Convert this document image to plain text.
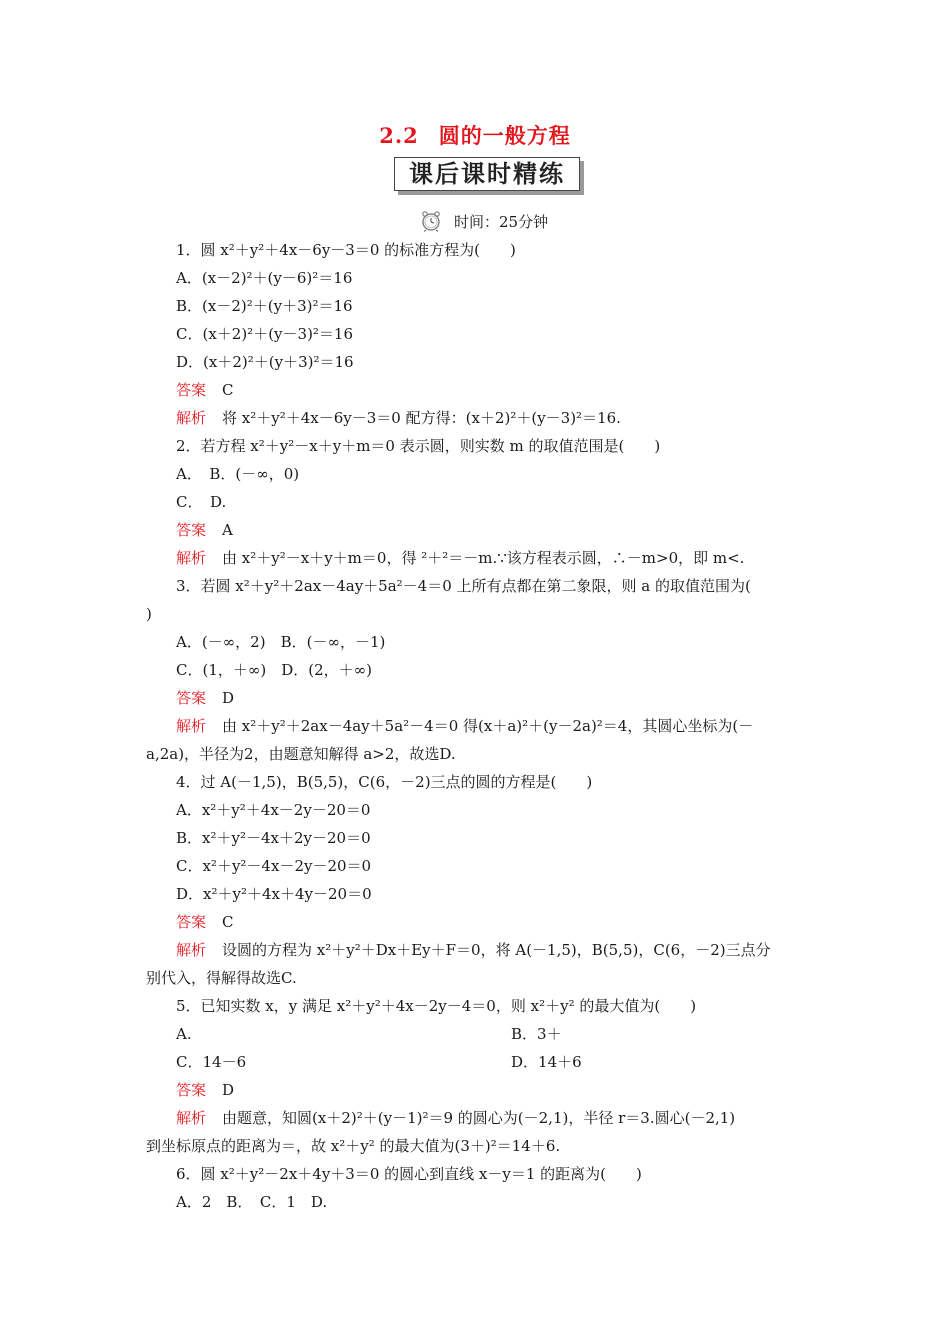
2.2 圆的一般方程
课后课时精练
时间：25分钟
1．圆 x²＋y²＋4x－6y－3＝0 的标准方程为(　　)
A．(x－2)²＋(y－6)²＝16
B．(x－2)²＋(y＋3)²＝16
C．(x＋2)²＋(y－3)²＝16
D．(x＋2)²＋(y＋3)²＝16
答案 C
解析 将 x²＋y²＋4x－6y－3＝0 配方得：(x＋2)²＋(y－3)²＝16.
2．若方程 x²＋y²－x＋y＋m＝0 表示圆，则实数 m 的取值范围是(　　)
A．　B．(－∞，0)
C．　D.
答案 A
解析 由 x²＋y²－x＋y＋m＝0，得 ²＋²＝－m.∵该方程表示圆，∴－m>0，即 m<.
3．若圆 x²＋y²＋2ax－4ay＋5a²－4＝0 上所有点都在第二象限，则 a 的取值范围为(
)
A．(－∞，2)　B．(－∞，－1)
C．(1，＋∞)　D．(2，＋∞)
答案 D
解析 由 x²＋y²＋2ax－4ay＋5a²－4＝0 得(x＋a)²＋(y－2a)²＝4，其圆心坐标为(－
a,2a)，半径为2，由题意知解得 a>2，故选D.
4．过 A(－1,5)，B(5,5)，C(6，－2)三点的圆的方程是(　　)
A．x²＋y²＋4x－2y－20＝0
B．x²＋y²－4x＋2y－20＝0
C．x²＋y²－4x－2y－20＝0
D．x²＋y²＋4x＋4y－20＝0
答案 C
解析 设圆的方程为 x²＋y²＋Dx＋Ey＋F＝0，将 A(－1,5)，B(5,5)，C(6，－2)三点分
别代入，得解得故选C.
5．已知实数 x，y 满足 x²＋y²＋4x－2y－4＝0，则 x²＋y² 的最大值为(　　)
A.	B．3＋
C．14－6	D．14＋6
答案 D
解析 由题意，知圆(x＋2)²＋(y－1)²＝9 的圆心为(－2,1)，半径 r＝3.圆心(－2,1)
到坐标原点的距离为＝，故 x²＋y² 的最大值为(3＋)²＝14＋6.
6．圆 x²＋y²－2x＋4y＋3＝0 的圆心到直线 x－y＝1 的距离为(　　)
A．2　B．　C．1　D.
